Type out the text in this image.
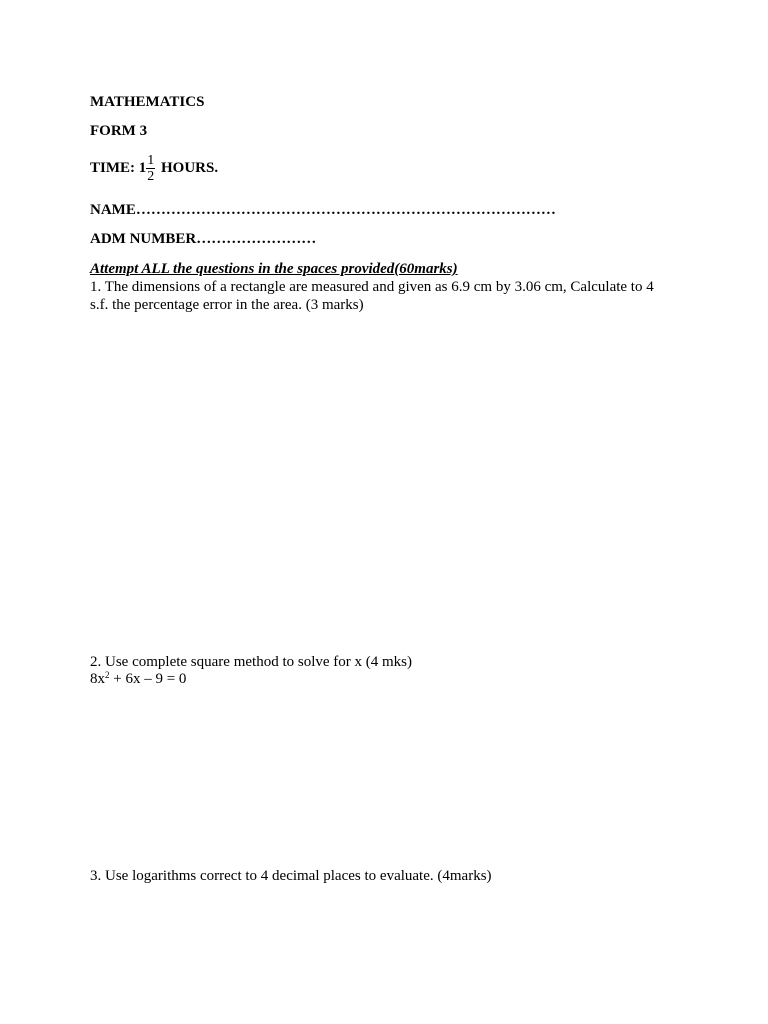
MATHEMATICS
FORM 3
TIME: $1 \frac{1}{2}$ HOURS.
NAME…………………………………………………………………………
ADM NUMBER……………………
Attempt ALL the questions in the spaces provided(60marks)
1. The dimensions of a rectangle are measured and given as 6.9 cm by 3.06 cm, Calculate to 4 s.f. the percentage error in the area. (3 marks)
2. Use complete square method to solve for x (4 mks)
$8x^2 + 6x - 9 = 0$
3. Use logarithms correct to 4 decimal places to evaluate. (4marks)
